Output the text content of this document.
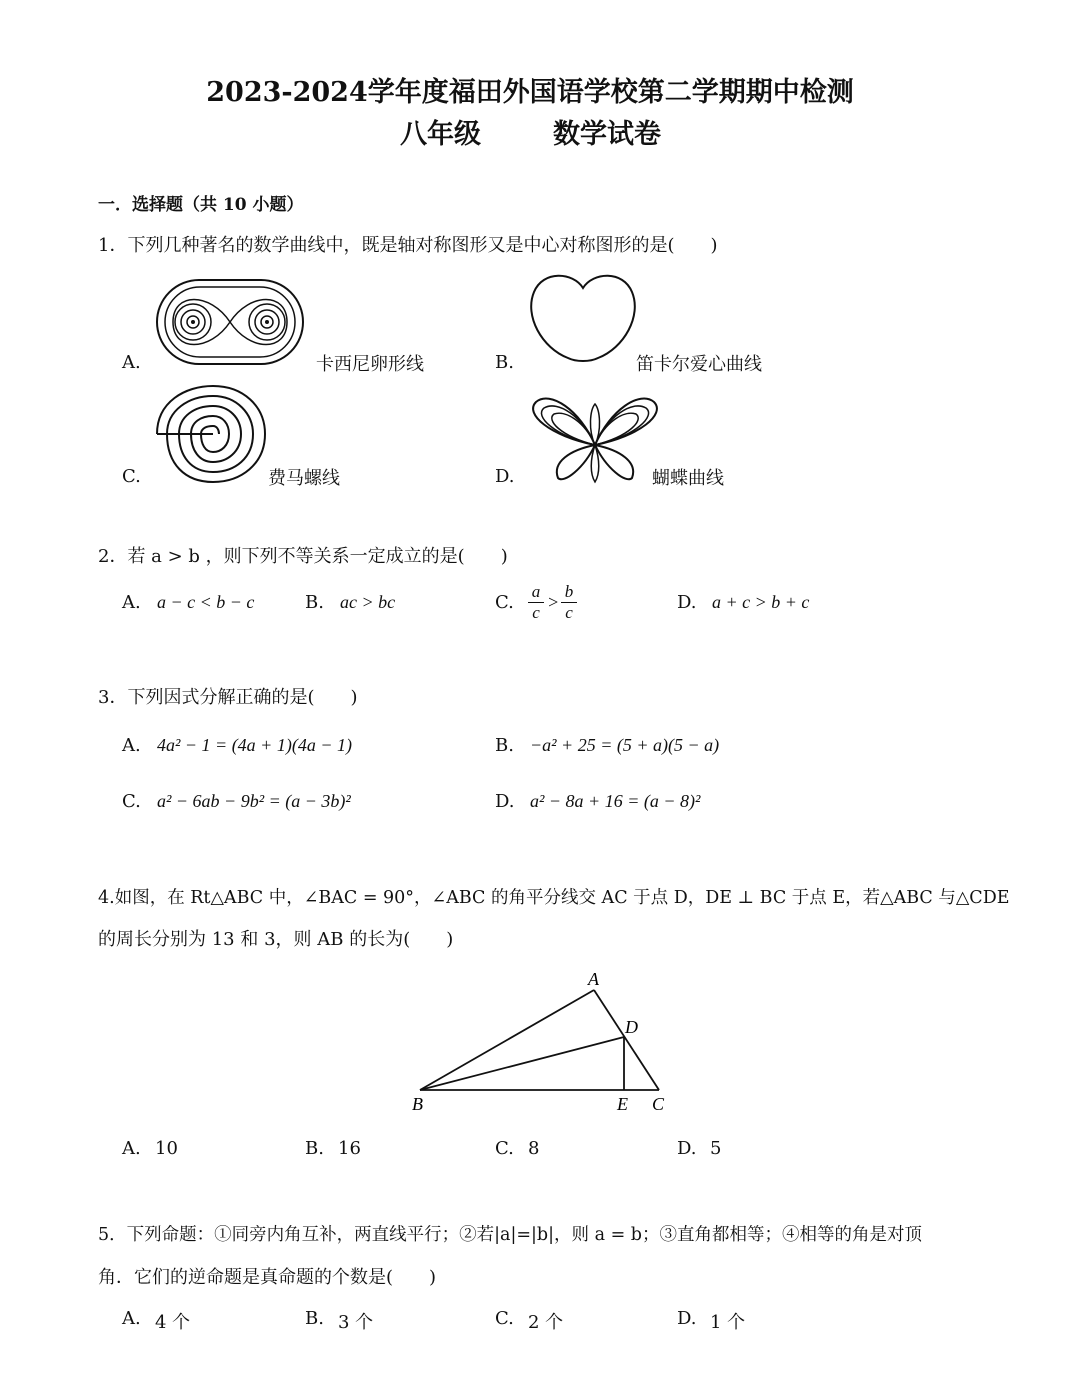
2023-2024学年度福田外国语学校第二学期期中检测
八年级	数学试卷
一．选择题（共 10 小题）
1．下列几种著名的数学曲线中，既是轴对称图形又是中心对称图形的是(　　)
A.	卡西尼卵形线	B.	笛卡尔爱心曲线
C.	费马螺线	D.	蝴蝶曲线
2．若 a > b ，则下列不等关系一定成立的是(　　)
A. a − c < b − c	B. ac > bc	C. $\frac{a}{c} > \frac{b}{c}$	D. a + c > b + c
3．下列因式分解正确的是(　　)
A. 4a² − 1 = (4a + 1)(4a − 1)	B. −a² + 25 = (5 + a)(5 − a)
C. a² − 6ab − 9b² = (a − 3b)²	D. a² − 8a + 16 = (a − 8)²
4.如图，在 Rt△ABC 中，∠BAC = 90°，∠ABC 的角平分线交 AC 于点 D，DE ⊥ BC 于点 E，若△ABC 与△CDE
的周长分别为 13 和 3，则 AB 的长为(　　)
A
B	C
D
E
A. 10	B. 16	C. 8	D. 5
5．下列命题：①同旁内角互补，两直线平行；②若|a|=|b|，则 a = b；③直角都相等；④相等的角是对顶
角．它们的逆命题是真命题的个数是(　　)
A. 4 个	B. 3 个	C. 2 个	D. 1 个
